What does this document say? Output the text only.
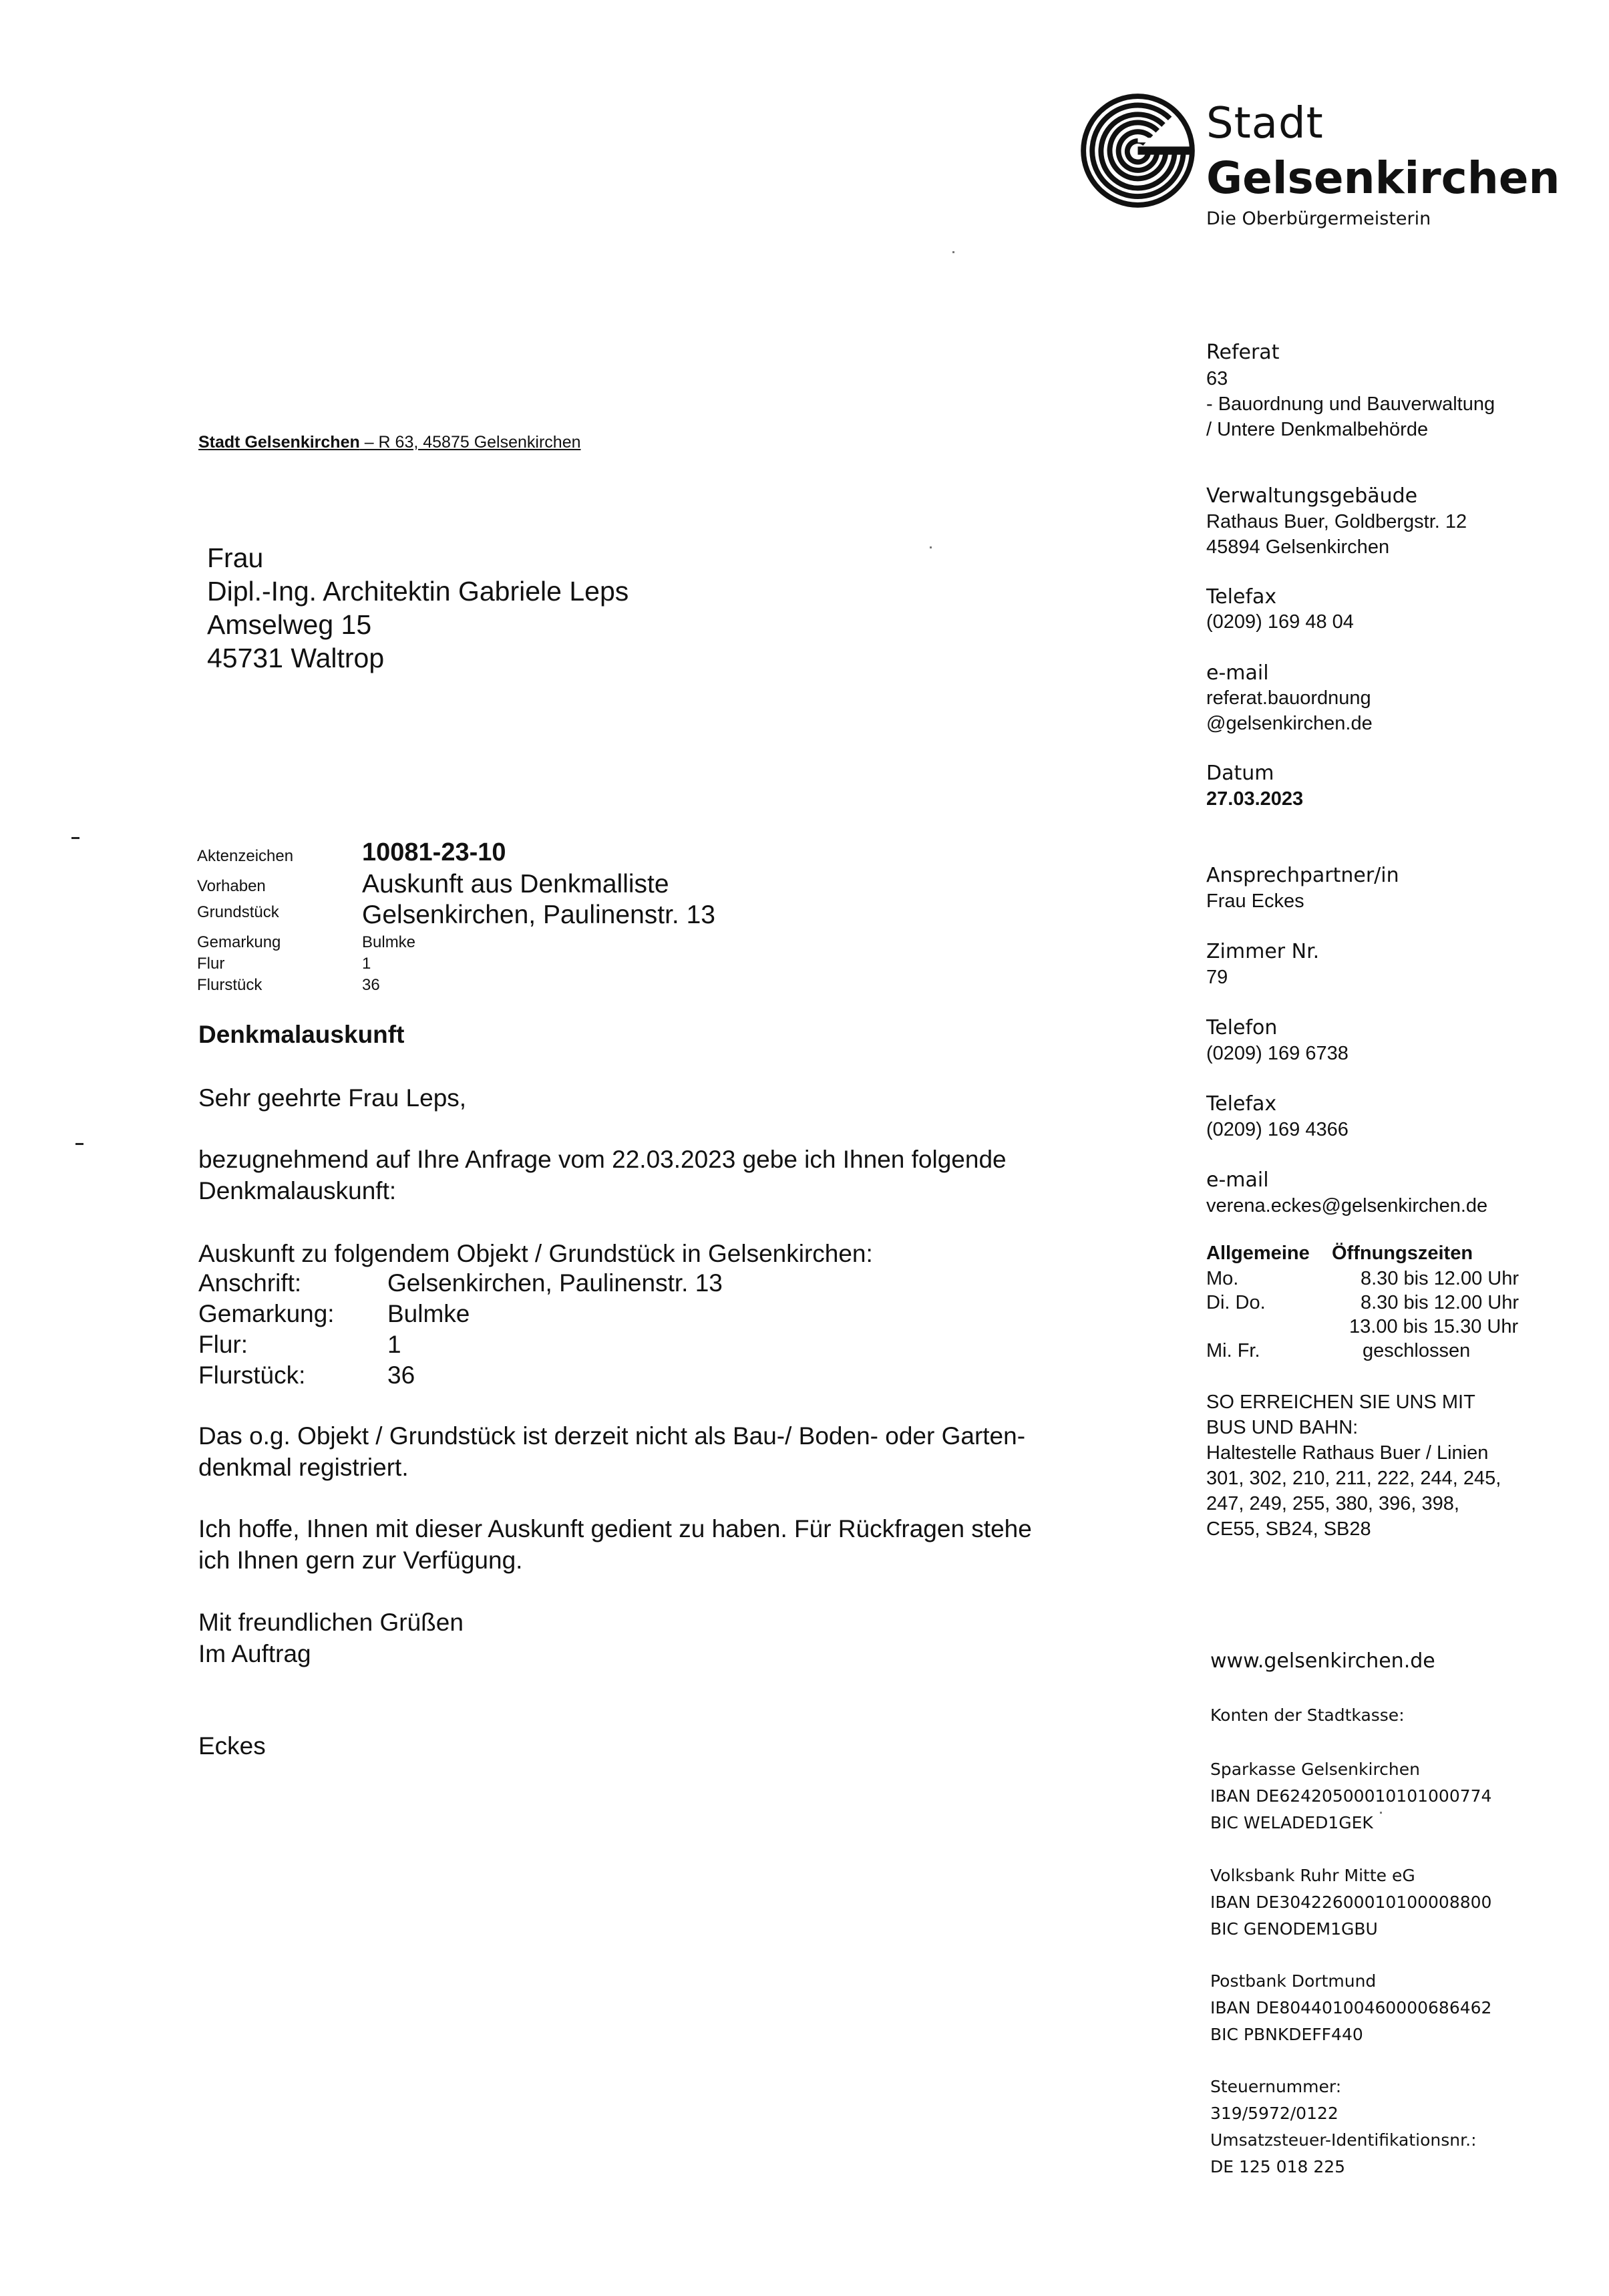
Stadt
Gelsenkirchen
Die Oberbürgermeisterin
Stadt Gelsenkirchen – R 63, 45875 Gelsenkirchen
Frau
Dipl.-Ing. Architektin Gabriele Leps
Amselweg 15
45731 Waltrop
Aktenzeichen	10081-23-10
Vorhaben	Auskunft aus Denkmalliste
Grundstück	Gelsenkirchen, Paulinenstr. 13
Gemarkung	Bulmke
Flur	1
Flurstück	36
Denkmalauskunft
Sehr geehrte Frau Leps,
bezugnehmend auf Ihre Anfrage vom 22.03.2023 gebe ich Ihnen folgende
Denkmalauskunft:
Auskunft zu folgendem Objekt / Grundstück in Gelsenkirchen:
Anschrift:	Gelsenkirchen, Paulinenstr. 13
Gemarkung: Bulmke
Flur:	1
Flurstück:	36
Das o.g. Objekt / Grundstück ist derzeit nicht als Bau-/ Boden- oder Garten-
denkmal registriert.
Ich hoffe, Ihnen mit dieser Auskunft gedient zu haben. Für Rückfragen stehe
ich Ihnen gern zur Verfügung.
Mit freundlichen Grüßen
Im Auftrag
Eckes
Referat
63
- Bauordnung und Bauverwaltung
/ Untere Denkmalbehörde
Verwaltungsgebäude
Rathaus Buer, Goldbergstr. 12
45894 Gelsenkirchen
Telefax
(0209) 169 48 04
e-mail
referat.bauordnung
@gelsenkirchen.de
Datum
27.03.2023
Ansprechpartner/in
Frau Eckes
Zimmer Nr.
79
Telefon
(0209) 169 6738
Telefax
(0209) 169 4366
e-mail
verena.eckes@gelsenkirchen.de
Allgemeine Öffnungszeiten
Mo.	8.30 bis 12.00 Uhr
Di. Do.	8.30 bis 12.00 Uhr
13.00 bis 15.30 Uhr
Mi. Fr.	geschlossen
SO ERREICHEN SIE UNS MIT
BUS UND BAHN:
Haltestelle Rathaus Buer / Linien
301, 302, 210, 211, 222, 244, 245,
247, 249, 255, 380, 396, 398,
CE55, SB24, SB28
www.gelsenkirchen.de
Konten der Stadtkasse:
Sparkasse Gelsenkirchen
IBAN DE62420500010101000774
BIC WELADED1GEK
Volksbank Ruhr Mitte eG
IBAN DE30422600010100008800
BIC GENODEM1GBU
Postbank Dortmund
IBAN DE80440100460000686462
BIC PBNKDEFF440
Steuernummer:
319/5972/0122
Umsatzsteuer-Identifikationsnr.:
DE 125 018 225
